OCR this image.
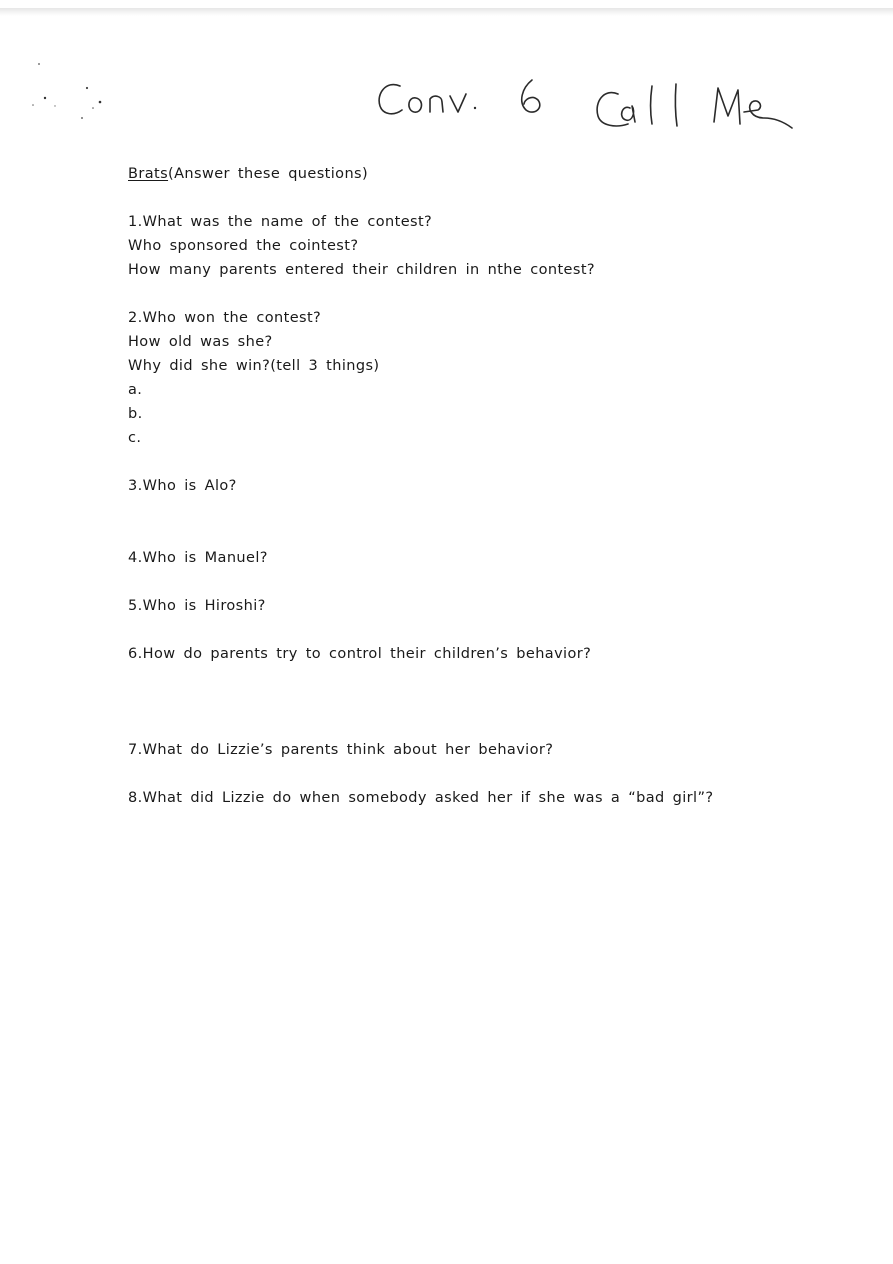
Brats(Answer these questions)
1.What was the name of the contest?
Who sponsored the cointest?
How many parents entered their children in nthe contest?
2.Who won the contest?
How old was she?
Why did she win?(tell 3 things)
a.
b.
c.
3.Who is Alo?
4.Who is Manuel?
5.Who is Hiroshi?
6.How do parents try to control their children’s behavior?
7.What do Lizzie’s parents think about her behavior?
8.What did Lizzie do when somebody asked her if she was a “bad girl”?
